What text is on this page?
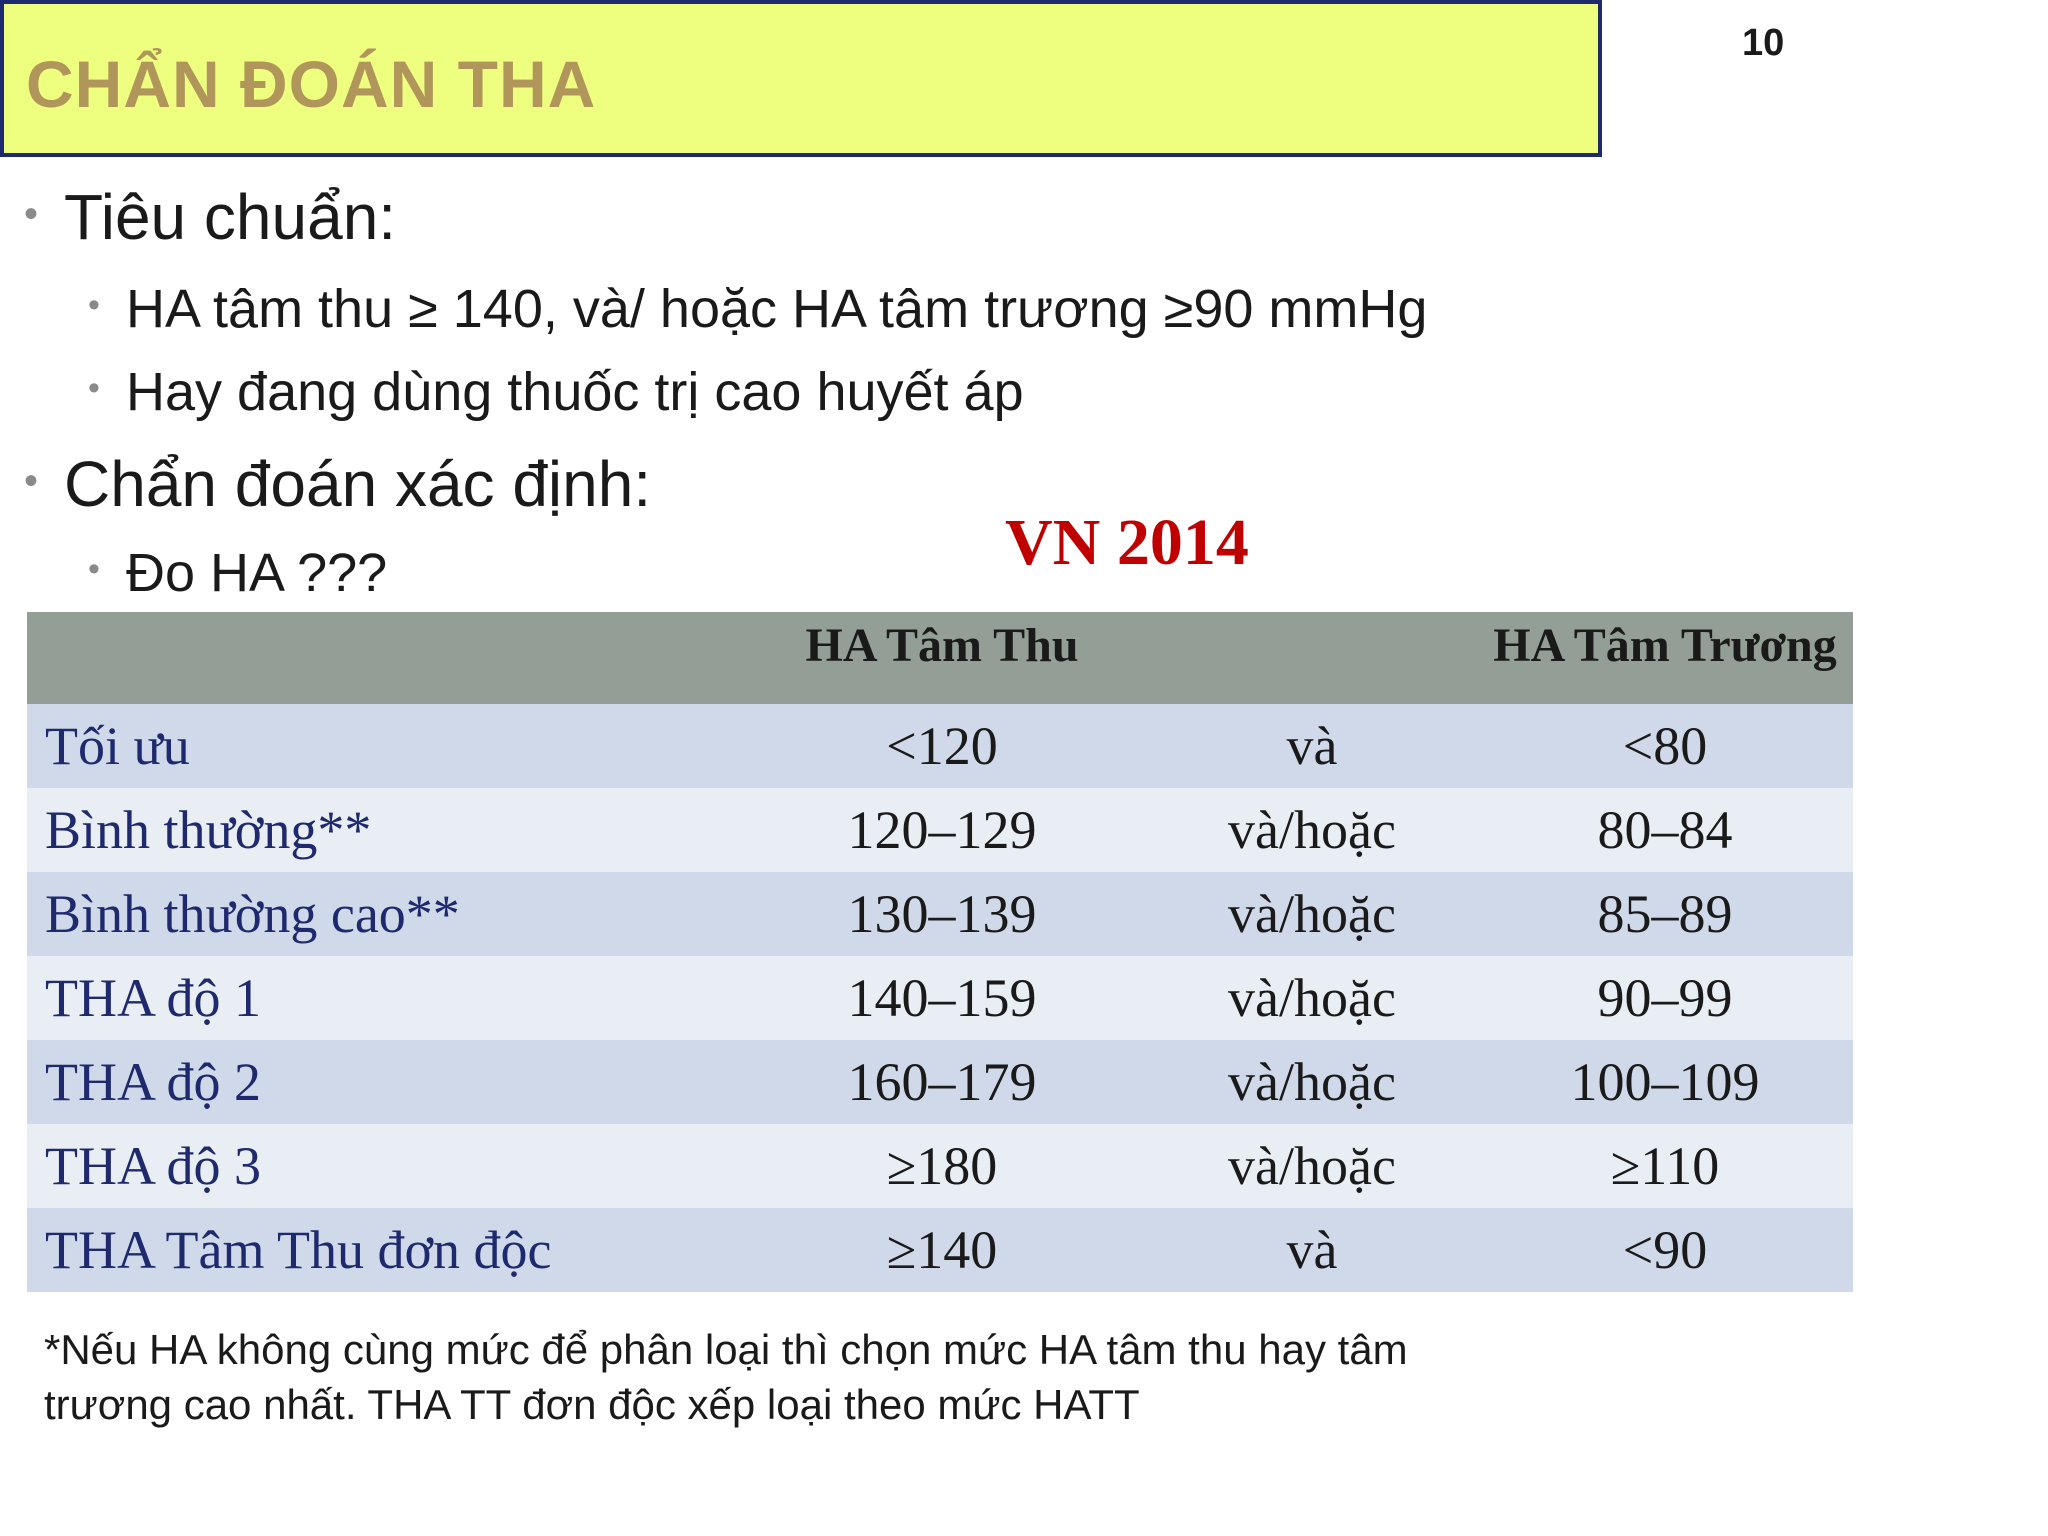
CHẨN ĐOÁN THA
10
• Tiêu chuẩn:
• HA tâm thu ≥ 140, và/ hoặc HA tâm trương ≥90 mmHg
• Hay đang dùng thuốc trị cao huyết áp
• Chẩn đoán xác định:
• Đo HA ???	VN 2014
	HA Tâm Thu		HA Tâm Trương
Tối ưu	<120	và	<80
Bình thường**	120–129	và/hoặc	80–84
Bình thường cao**	130–139	và/hoặc	85–89
THA độ 1	140–159	và/hoặc	90–99
THA độ 2	160–179	và/hoặc	100–109
THA độ 3	≥180	và/hoặc	≥110
THA Tâm Thu đơn độc	≥140	và	<90
*Nếu HA không cùng mức để phân loại thì chọn mức HA tâm thu hay tâm
trương cao nhất. THA TT đơn độc xếp loại theo mức HATT
